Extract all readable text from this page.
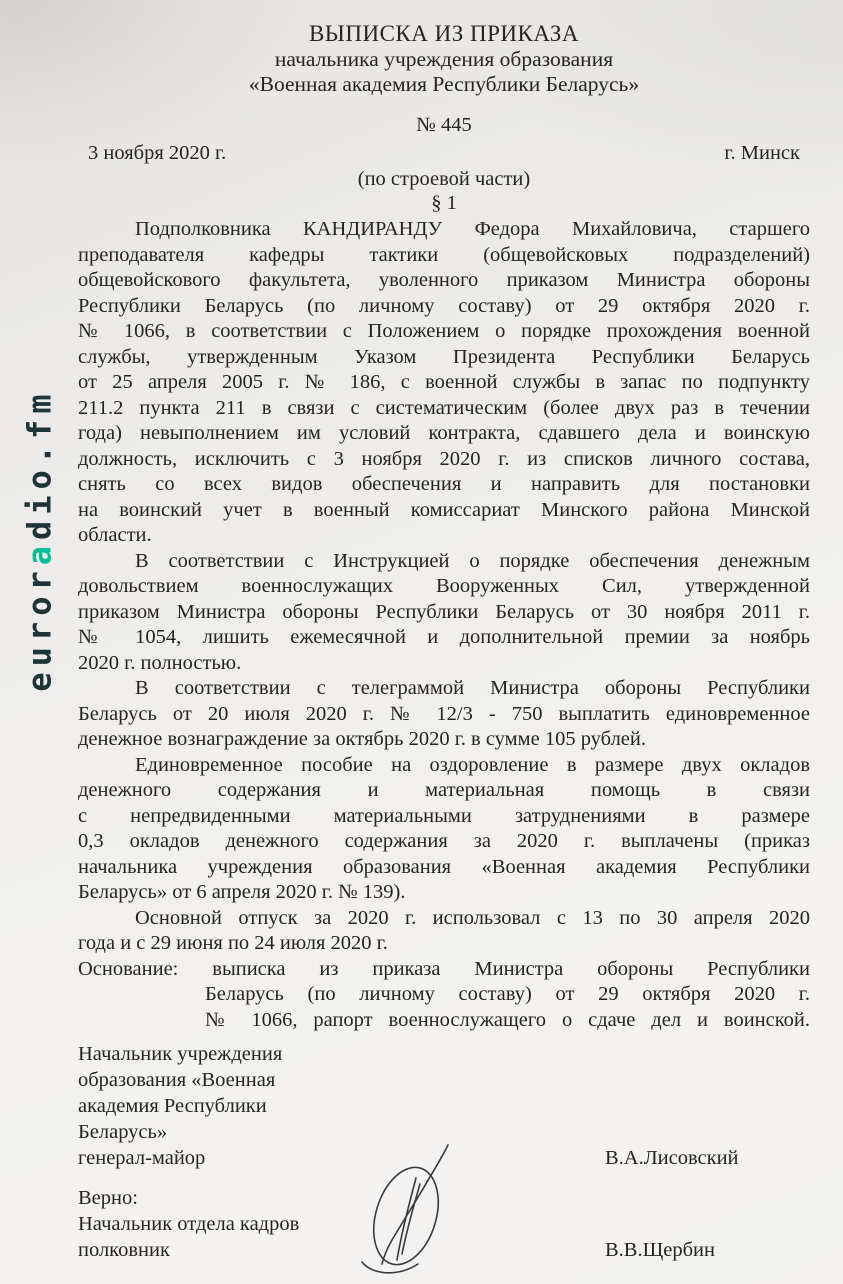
euroradio.fm
ВЫПИСКА ИЗ ПРИКАЗА
начальника учреждения образования
«Военная академия Республики Беларусь»
№ 445
3 ноября 2020 г.	г. Минск
(по строевой части)
§ 1
Подполковника КАНДИРАНДУ Федора Михайловича, старшего
преподавателя кафедры тактики (общевойсковых подразделений)
общевойскового факультета, уволенного приказом Министра обороны
Республики Беларусь (по личному составу) от 29 октября 2020 г.
№ 1066, в соответствии с Положением о порядке прохождения военной
службы, утвержденным Указом Президента Республики Беларусь
от 25 апреля 2005 г. № 186, с военной службы в запас по подпункту
211.2 пункта 211 в связи с систематическим (более двух раз в течении
года) невыполнением им условий контракта, сдавшего дела и воинскую
должность, исключить с 3 ноября 2020 г. из списков личного состава,
снять со всех видов обеспечения и направить для постановки
на воинский учет в военный комиссариат Минского района Минской
области.
В соответствии с Инструкцией о порядке обеспечения денежным
довольствием военнослужащих Вооруженных Сил, утвержденной
приказом Министра обороны Республики Беларусь от 30 ноября 2011 г.
№ 1054, лишить ежемесячной и дополнительной премии за ноябрь
2020 г. полностью.
В соответствии с телеграммой Министра обороны Республики
Беларусь от 20 июля 2020 г. № 12/3 - 750 выплатить единовременное
денежное вознаграждение за октябрь 2020 г. в сумме 105 рублей.
Единовременное пособие на оздоровление в размере двух окладов
денежного содержания и материальная помощь в связи
с непредвиденными материальными затруднениями в размере
0,3 окладов денежного содержания за 2020 г. выплачены (приказ
начальника учреждения образования «Военная академия Республики
Беларусь» от 6 апреля 2020 г. № 139).
Основной отпуск за 2020 г. использовал с 13 по 30 апреля 2020
года и с 29 июня по 24 июля 2020 г.
Основание: выписка из приказа Министра обороны Республики
Беларусь (по личному составу) от 29 октября 2020 г.
№ 1066, рапорт военнослужащего о сдаче дел и воинской.
Начальник учреждения
образования «Военная
академия Республики
Беларусь»
генерал-майор	В.А.Лисовский
Верно:
Начальник отдела кадров
полковник	В.В.Щербин
